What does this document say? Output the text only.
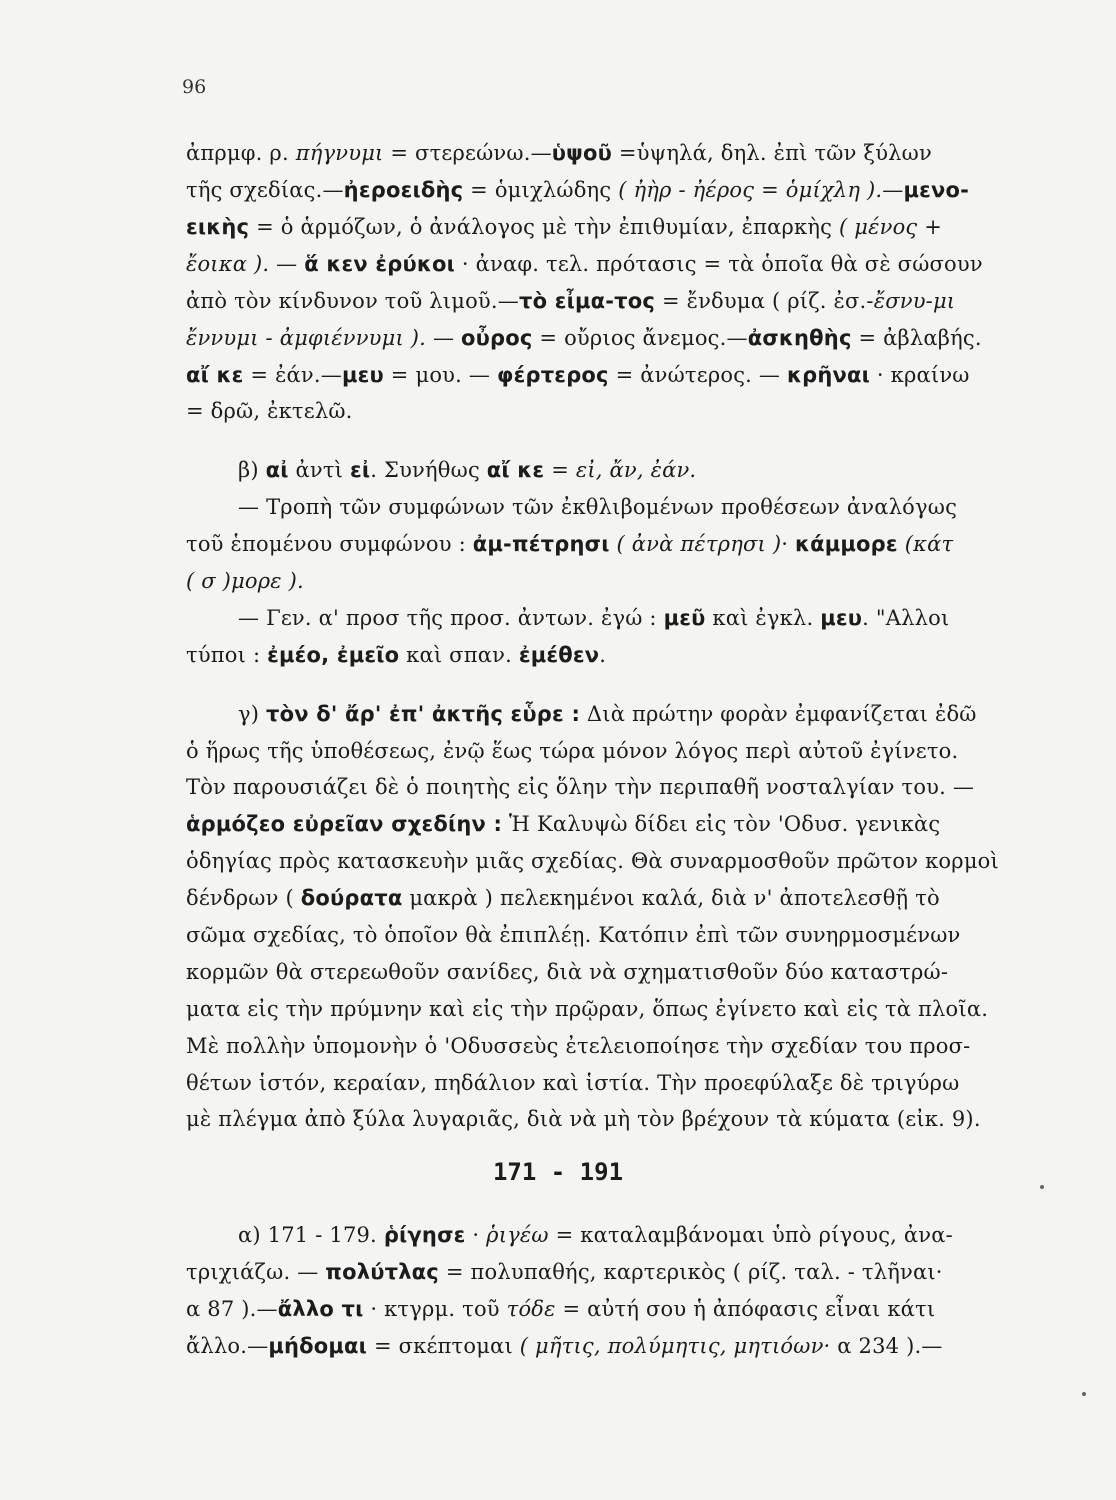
96
ἀπρμφ. ρ. πήγνυμι = στερεώνω.—ὑψοῦ =ὑψηλά, δηλ. ἐπὶ τῶν ξύλων
τῆς σχεδίας.—ἠεροειδὴς = ὁμιχλώδης ( ἠὴρ - ἠέρος = ὁμίχλη ).—μενο-
εικὴς = ὁ ἁρμόζων, ὁ ἀνάλογος μὲ τὴν ἐπιθυμίαν, ἐπαρκὴς ( μένος +
ἔοικα ). — ἅ κεν ἐρύκοι · ἀναφ. τελ. πρότασις = τὰ ὁποῖα θὰ σὲ σώσουν
ἀπὸ τὸν κίνδυνον τοῦ λιμοῦ.—τὸ εἶμα-τος = ἔνδυμα ( ρίζ. ἐσ.-ἔσνυ-μι
ἔννυμι - ἀμφιέννυμι ). — οὖρος = οὔριος ἄνεμος.—ἀσκηθὴς = ἀβλαβής.
αἴ κε = ἐάν.—μευ = μου. — φέρτερος = ἀνώτερος. — κρῆναι · κραίνω
= δρῶ, ἐκτελῶ.
β) αἰ ἀντὶ εἰ. Συνήθως αἴ κε = εἰ, ἄν, ἐάν.
— Τροπὴ τῶν συμφώνων τῶν ἐκθλιβομένων προθέσεων ἀναλόγως
τοῦ ἑπομένου συμφώνου : ἀμ-πέτρησι ( ἀνὰ πέτρησι )· κάμμορε (κάτ
( σ )μορε ).
— Γεν. α' προσ τῆς προσ. ἀντων. ἐγώ : μεῦ καὶ ἐγκλ. μευ. "Αλλοι
τύποι : ἐμέο, ἐμεῖο καὶ σπαν. ἐμέθεν.
γ) τὸν δ' ἄρ' ἐπ' ἀκτῆς εὗρε : Διὰ πρώτην φορὰν ἐμφανίζεται ἐδῶ
ὁ ἥρως τῆς ὑποθέσεως, ἐνῷ ἕως τώρα μόνον λόγος περὶ αὐτοῦ ἐγίνετο.
Τὸν παρουσιάζει δὲ ὁ ποιητὴς εἰς ὅλην τὴν περιπαθῆ νοσταλγίαν του. —
ἁρμόζεο εὐρεῖαν σχεδίην : Ἡ Καλυψὼ δίδει εἰς τὸν 'Οδυσ. γενικὰς
ὁδηγίας πρὸς κατασκευὴν μιᾶς σχεδίας. Θὰ συναρμοσθοῦν πρῶτον κορμοὶ
δένδρων ( δούρατα μακρὰ ) πελεκημένοι καλά, διὰ ν' ἀποτελεσθῇ τὸ
σῶμα σχεδίας, τὸ ὁποῖον θὰ ἐπιπλέῃ. Κατόπιν ἐπὶ τῶν συνηρμοσμένων
κορμῶν θὰ στερεωθοῦν σανίδες, διὰ νὰ σχηματισθοῦν δύο καταστρώ-
ματα εἰς τὴν πρύμνην καὶ εἰς τὴν πρῷραν, ὅπως ἐγίνετο καὶ εἰς τὰ πλοῖα.
Μὲ πολλὴν ὑπομονὴν ὁ 'Οδυσσεὺς ἐτελειοποίησε τὴν σχεδίαν του προσ-
θέτων ἱστόν, κεραίαν, πηδάλιον καὶ ἱστία. Τὴν προεφύλαξε δὲ τριγύρω
μὲ πλέγμα ἀπὸ ξύλα λυγαριᾶς, διὰ νὰ μὴ τὸν βρέχουν τὰ κύματα (εἰκ. 9).
171 - 191
α) 171 - 179. ῥίγησε · ῥιγέω = καταλαμβάνομαι ὑπὸ ρίγους, ἀνα-
τριχιάζω. — πολύτλας = πολυπαθής, καρτερικὸς ( ρίζ. ταλ. - τλῆναι·
α 87 ).—ἄλλο τι · κτγρμ. τοῦ τόδε = αὐτή σου ἡ ἀπόφασις εἶναι κάτι
ἄλλο.—μήδομαι = σκέπτομαι ( μῆτις, πολύμητις, μητιόων· α 234 ).—
